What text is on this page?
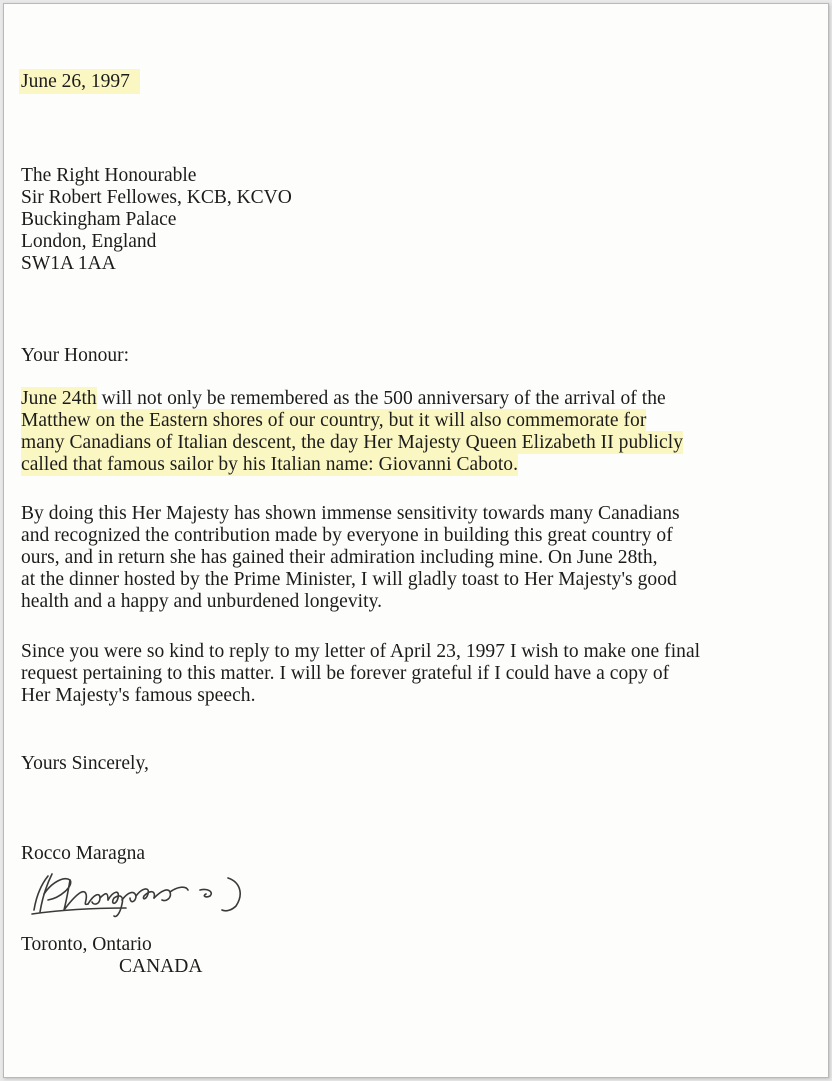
June 26, 1997
The Right Honourable
Sir Robert Fellowes, KCB, KCVO
Buckingham Palace
London, England
SW1A 1AA
Your Honour:
June 24th will not only be remembered as the 500 anniversary of the arrival of the
Matthew on the Eastern shores of our country, but it will also commemorate for
many Canadians of Italian descent, the day Her Majesty Queen Elizabeth II publicly
called that famous sailor by his Italian name: Giovanni Caboto.
By doing this Her Majesty has shown immense sensitivity towards many Canadians
and recognized the contribution made by everyone in building this great country of
ours, and in return she has gained their admiration including mine. On June 28th,
at the dinner hosted by the Prime Minister, I will gladly toast to Her Majesty's good
health and a happy and unburdened longevity.
Since you were so kind to reply to my letter of April 23, 1997 I wish to make one final
request pertaining to this matter. I will be forever grateful if I could have a copy of
Her Majesty's famous speech.
Yours Sincerely,
Rocco Maragna
Toronto, Ontario
CANADA
